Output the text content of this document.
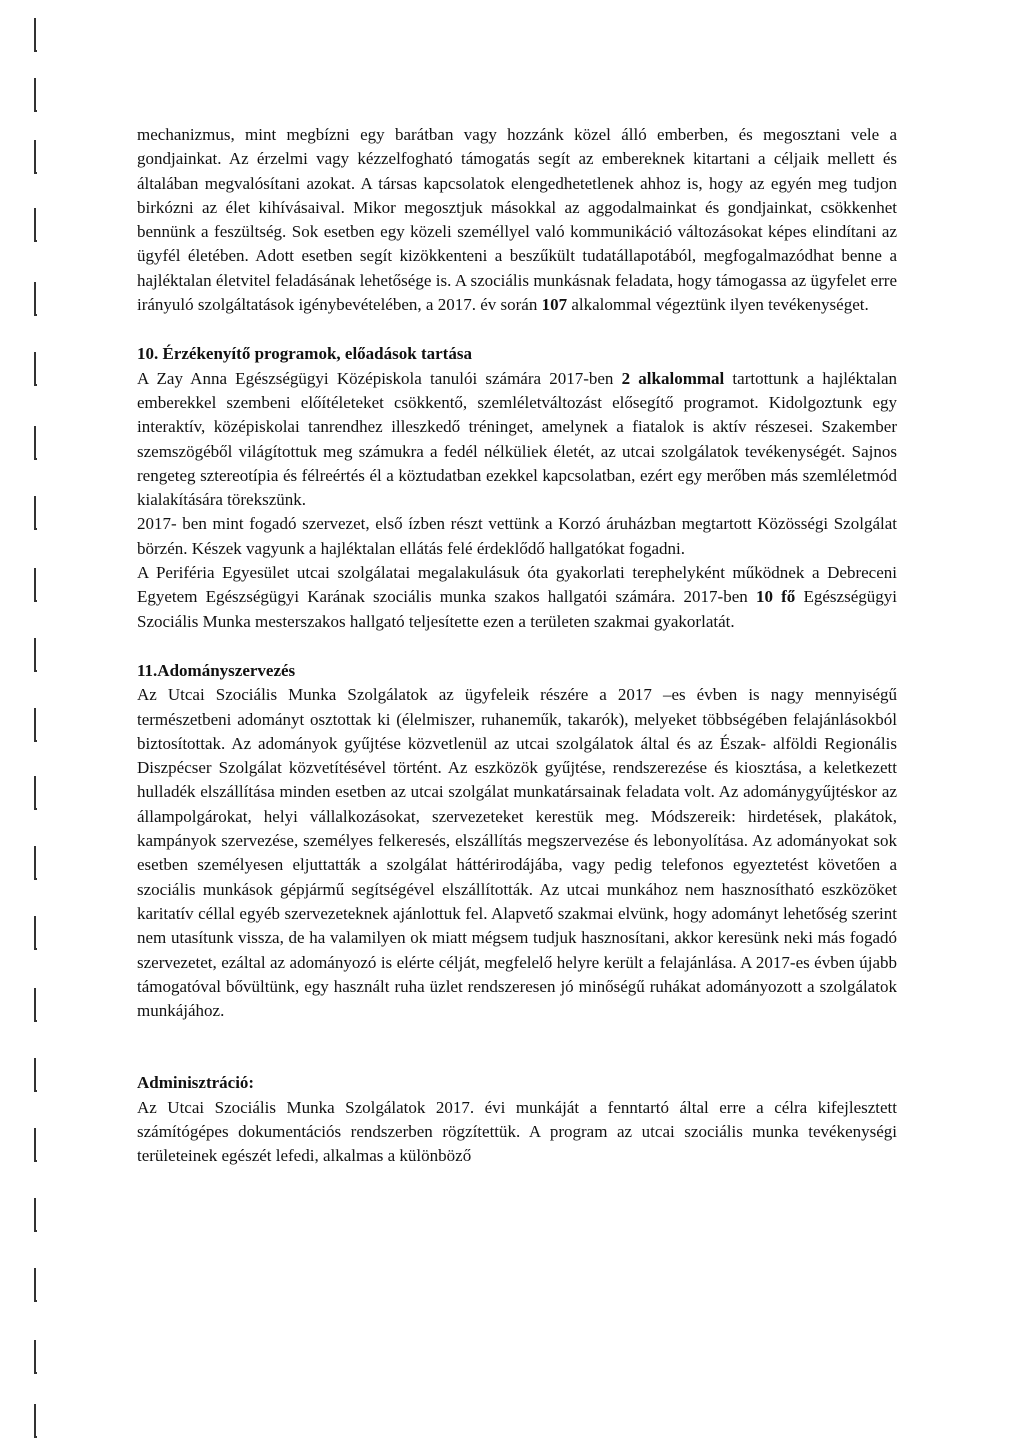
mechanizmus, mint megbízni egy barátban vagy hozzánk közel álló emberben, és megosztani vele a gondjainkat. Az érzelmi vagy kézzelfogható támogatás segít az embereknek kitartani a céljaik mellett és általában megvalósítani azokat. A társas kapcsolatok elengedhetetlenek ahhoz is, hogy az egyén meg tudjon birkózni az élet kihívásaival. Mikor megosztjuk másokkal az aggodalmainkat és gondjainkat, csökkenhet bennünk a feszültség. Sok esetben egy közeli személlyel való kommunikáció változásokat képes elindítani az ügyfél életében. Adott esetben segít kizökkenteni a beszűkült tudatállapotából, megfogalmazódhat benne a hajléktalan életvitel feladásának lehetősége is. A szociális munkásnak feladata, hogy támogassa az ügyfelet erre irányuló szolgáltatások igénybevételében, a 2017. év során 107 alkalommal végeztünk ilyen tevékenységet.

10. Érzékenyítő programok, előadások tartása

A Zay Anna Egészségügyi Középiskola tanulói számára 2017-ben 2 alkalommal tartottunk a hajléktalan emberekkel szembeni előítéleteket csökkentő, szemléletváltozást elősegítő programot. Kidolgoztunk egy interaktív, középiskolai tanrendhez illeszkedő tréninget, amelynek a fiatalok is aktív részesei. Szakember szemszögéből világítottuk meg számukra a fedél nélküliek életét, az utcai szolgálatok tevékenységét. Sajnos rengeteg sztereotípia és félreértés él a köztudatban ezekkel kapcsolatban, ezért egy merőben más szemléletmód kialakítására törekszünk.

2017- ben mint fogadó szervezet, első ízben részt vettünk a Korzó áruházban megtartott Közösségi Szolgálat börzén. Készek vagyunk a hajléktalan ellátás felé érdeklődő hallgatókat fogadni.

A Periféria Egyesület utcai szolgálatai megalakulásuk óta gyakorlati terephelyként működnek a Debreceni Egyetem Egészségügyi Karának szociális munka szakos hallgatói számára. 2017-ben 10 fő Egészségügyi Szociális Munka mesterszakos hallgató teljesítette ezen a területen szakmai gyakorlatát.

11.Adományszervezés

Az Utcai Szociális Munka Szolgálatok az ügyfeleik részére a 2017 –es évben is nagy mennyiségű természetbeni adományt osztottak ki (élelmiszer, ruhaneműk, takarók), melyeket többségében felajánlásokból biztosítottak. Az adományok gyűjtése közvetlenül az utcai szolgálatok által és az Észak- alföldi Regionális Diszpécser Szolgálat közvetítésével történt. Az eszközök gyűjtése, rendszerezése és kiosztása, a keletkezett hulladék elszállítása minden esetben az utcai szolgálat munkatársainak feladata volt. Az adománygyűjtéskor az állampolgárokat, helyi vállalkozásokat, szervezeteket kerestük meg. Módszereik: hirdetések, plakátok, kampányok szervezése, személyes felkeresés, elszállítás megszervezése és lebonyolítása. Az adományokat sok esetben személyesen eljuttatták a szolgálat háttérirodájába, vagy pedig telefonos egyeztetést követően a szociális munkások gépjármű segítségével elszállították. Az utcai munkához nem hasznosítható eszközöket karitatív céllal egyéb szervezeteknek ajánlottuk fel. Alapvető szakmai elvünk, hogy adományt lehetőség szerint nem utasítunk vissza, de ha valamilyen ok miatt mégsem tudjuk hasznosítani, akkor keresünk neki más fogadó szervezetet, ezáltal az adományozó is elérte célját, megfelelő helyre került a felajánlása. A 2017-es évben újabb támogatóval bővültünk, egy használt ruha üzlet rendszeresen jó minőségű ruhákat adományozott a szolgálatok munkájához.

Adminisztráció:

Az Utcai Szociális Munka Szolgálatok 2017. évi munkáját a fenntartó által erre a célra kifejlesztett számítógépes dokumentációs rendszerben rögzítettük. A program az utcai szociális munka tevékenységi területeinek egészét lefedi, alkalmas a különböző
